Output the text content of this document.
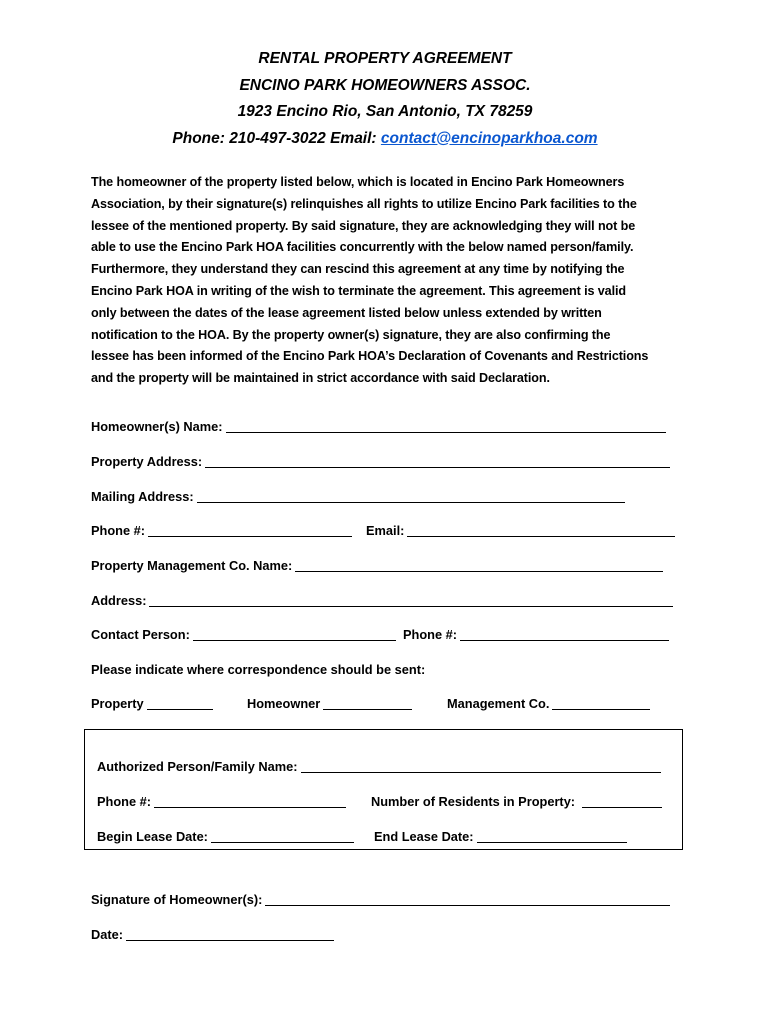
RENTAL PROPERTY AGREEMENT
ENCINO PARK HOMEOWNERS ASSOC.
1923 Encino Rio, San Antonio, TX 78259
Phone: 210-497-3022 Email: contact@encinoparkhoa.com
The homeowner of the property listed below, which is located in Encino Park Homeowners
Association, by their signature(s) relinquishes all rights to utilize Encino Park facilities to the
lessee of the mentioned property. By said signature, they are acknowledging they will not be
able to use the Encino Park HOA facilities concurrently with the below named person/family.
Furthermore, they understand they can rescind this agreement at any time by notifying the
Encino Park HOA in writing of the wish to terminate the agreement. This agreement is valid
only between the dates of the lease agreement listed below unless extended by written
notification to the HOA. By the property owner(s) signature, they are also confirming the
lessee has been informed of the Encino Park HOA’s Declaration of Covenants and Restrictions
and the property will be maintained in strict accordance with said Declaration.
Homeowner(s) Name:
Property Address:
Mailing Address:
Phone #:	Email:
Property Management Co. Name:
Address:
Contact Person:	Phone #:
Please indicate where correspondence should be sent:
Property	Homeowner	Management Co.
Authorized Person/Family Name:
Phone #:	Number of Residents in Property:
Begin Lease Date:	End Lease Date:
Signature of Homeowner(s):
Date:
